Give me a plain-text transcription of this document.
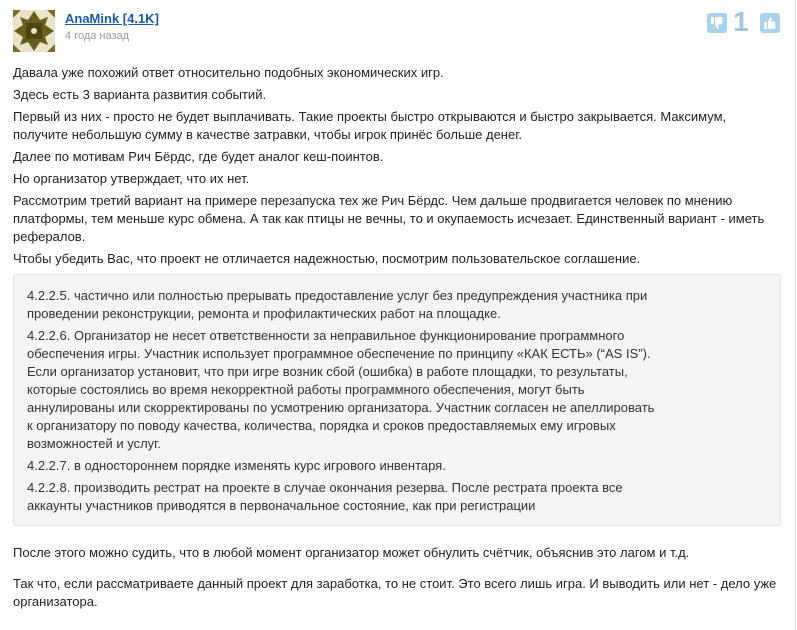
AnaMink [4.1K]
4 года назад	1

Давала уже похожий ответ относительно подобных экономических игр.

Здесь есть 3 варианта развития событий.

Первый из них - просто не будет выплачивать. Такие проекты быстро открываются и быстро закрывается. Максимум, получите небольшую сумму в качестве затравки, чтобы игрок принёс больше денег.

Далее по мотивам Рич Бёрдс, где будет аналог кеш-поинтов.

Но организатор утверждает, что их нет.

Рассмотрим третий вариант на примере перезапуска тех же Рич Бёрдс. Чем дальше продвигается человек по мнению платформы, тем меньше курс обмена. А так как птицы не вечны, то и окупаемость исчезает. Единственный вариант - иметь рефералов.

Чтобы убедить Вас, что проект не отличается надежностью, посмотрим пользовательское соглашение.

4.2.2.5. частично или полностью прерывать предоставление услуг без предупреждения участника при проведении реконструкции, ремонта и профилактических работ на площадке.

4.2.2.6. Организатор не несет ответственности за неправильное функционирование программного обеспечения игры. Участник использует программное обеспечение по принципу «КАК ЕСТЬ» (“AS IS”). Если организатор установит, что при игре возник сбой (ошибка) в работе площадки, то результаты, которые состоялись во время некорректной работы программного обеспечения, могут быть аннулированы или скорректированы по усмотрению организатора. Участник согласен не апеллировать к организатору по поводу качества, количества, порядка и сроков предоставляемых ему игровых возможностей и услуг.

4.2.2.7. в одностороннем порядке изменять курс игрового инвентаря.

4.2.2.8. производить рестрат на проекте в случае окончания резерва. После рестрата проекта все аккаунты участников приводятся в первоначальное состояние, как при регистрации

После этого можно судить, что в любой момент организатор может обнулить счётчик, объяснив это лагом и т.д.

Так что, если рассматриваете данный проект для заработка, то не стоит. Это всего лишь игра. И выводить или нет - дело уже организатора.
